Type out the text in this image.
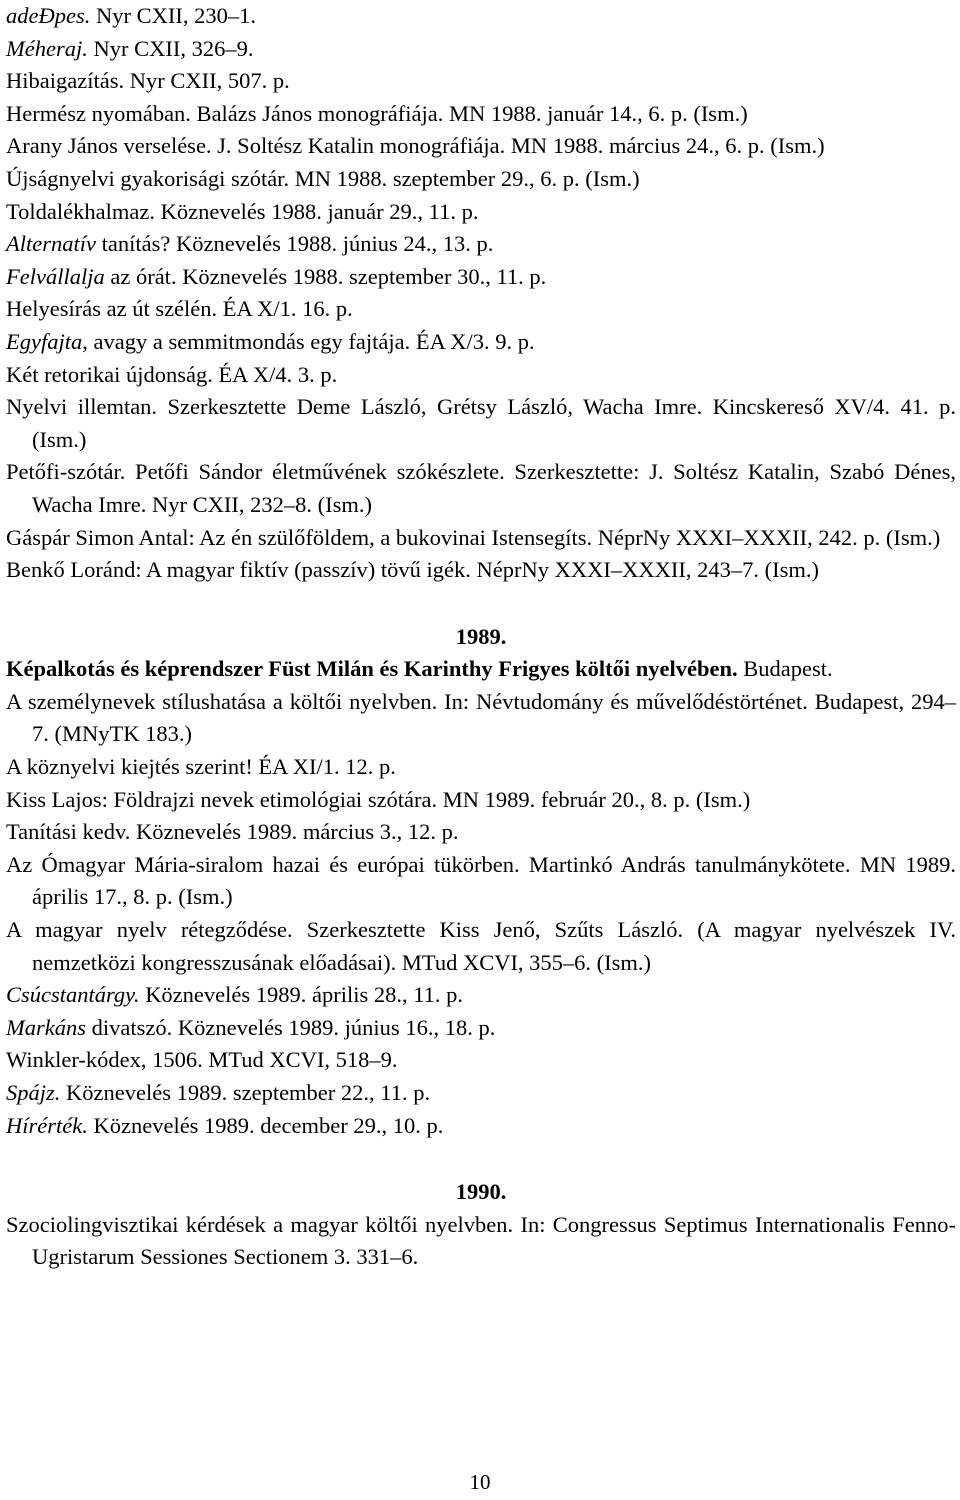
adeÐpes. Nyr CXII, 230–1.

Méheraj. Nyr CXII, 326–9.

Hibaigazítás. Nyr CXII, 507. p.

Hermész nyomában. Balázs János monográfiája. MN 1988. január 14., 6. p. (Ism.)

Arany János verselése. J. Soltész Katalin monográfiája. MN 1988. március 24., 6. p. (Ism.)

Újságnyelvi gyakorisági szótár. MN 1988. szeptember 29., 6. p. (Ism.)

Toldalékhalmaz. Köznevelés 1988. január 29., 11. p.

Alternatív tanítás? Köznevelés 1988. június 24., 13. p.

Felvállalja az órát. Köznevelés 1988. szeptember 30., 11. p.

Helyesírás az út szélén. ÉA X/1. 16. p.

Egyfajta, avagy a semmitmondás egy fajtája. ÉA X/3. 9. p.

Két retorikai újdonság. ÉA X/4. 3. p.

Nyelvi illemtan. Szerkesztette Deme László, Grétsy László, Wacha Imre. Kincskereső XV/4. 41. p. (Ism.)

Petőfi-szótár. Petőfi Sándor életművének szókészlete. Szerkesztette: J. Soltész Katalin, Szabó Dénes, Wacha Imre. Nyr CXII, 232–8. (Ism.)

Gáspár Simon Antal: Az én szülőföldem, a bukovinai Istensegíts. NéprNy XXXI–XXXII, 242. p. (Ism.)

Benkő Loránd: A magyar fiktív (passzív) tövű igék. NéprNy XXXI–XXXII, 243–7. (Ism.)

1989.

Képalkotás és képrendszer Füst Milán és Karinthy Frigyes költői nyelvében. Budapest.

A személynevek stílushatása a költői nyelvben. In: Névtudomány és művelődéstörténet. Budapest, 294–7. (MNyTK 183.)

A köznyelvi kiejtés szerint! ÉA XI/1. 12. p.

Kiss Lajos: Földrajzi nevek etimológiai szótára. MN 1989. február 20., 8. p. (Ism.)

Tanítási kedv. Köznevelés 1989. március 3., 12. p.

Az Ómagyar Mária-siralom hazai és európai tükörben. Martinkó András tanulmánykötete. MN 1989. április 17., 8. p. (Ism.)

A magyar nyelv rétegződése. Szerkesztette Kiss Jenő, Szűts László. (A magyar nyelvészek IV. nemzetközi kongresszusának előadásai). MTud XCVI, 355–6. (Ism.)

Csúcstantárgy. Köznevelés 1989. április 28., 11. p.

Markáns divatszó. Köznevelés 1989. június 16., 18. p.

Winkler-kódex, 1506. MTud XCVI, 518–9.

Spájz. Köznevelés 1989. szeptember 22., 11. p.

Hírérték. Köznevelés 1989. december 29., 10. p.

1990.

Szociolingvisztikai kérdések a magyar költői nyelvben. In: Congressus Septimus Internationalis Fenno-Ugristarum Sessiones Sectionem 3. 331–6.

10
